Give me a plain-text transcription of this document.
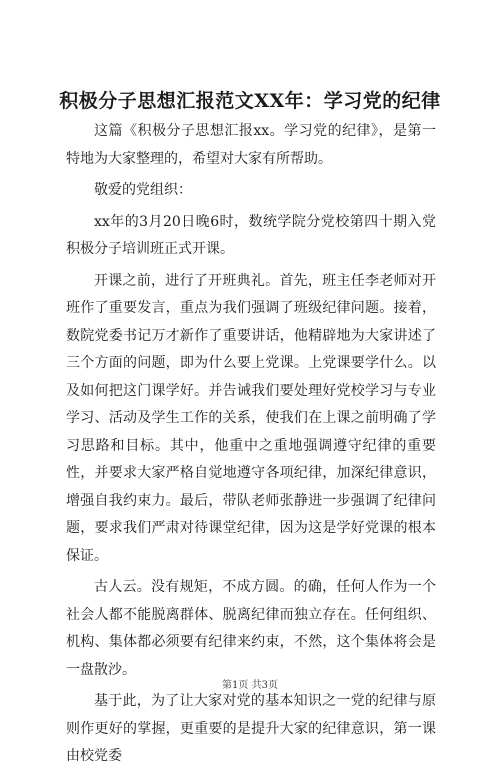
积极分子思想汇报范文XX年：学习党的纪律

这篇《积极分子思想汇报xx。学习党的纪律》，是第一特地为大家整理的，希望对大家有所帮助。

敬爱的党组织：

xx年的3月20日晚6时，数统学院分党校第四十期入党积极分子培训班正式开课。

开课之前，进行了开班典礼。首先，班主任李老师对开班作了重要发言，重点为我们强调了班级纪律问题。接着，数院党委书记万才新作了重要讲话，他精辟地为大家讲述了三个方面的问题，即为什么要上党课。上党课要学什么。以及如何把这门课学好。并告诫我们要处理好党校学习与专业学习、活动及学生工作的关系，使我们在上课之前明确了学习思路和目标。其中，他重中之重地强调遵守纪律的重要性，并要求大家严格自觉地遵守各项纪律，加深纪律意识，增强自我约束力。最后，带队老师张静进一步强调了纪律问题，要求我们严肃对待课堂纪律，因为这是学好党课的根本保证。

古人云。没有规矩，不成方圆。的确，任何人作为一个社会人都不能脱离群体、脱离纪律而独立存在。任何组织、机构、集体都必须要有纪律来约束，不然，这个集体将会是一盘散沙。

基于此，为了让大家对党的基本知识之一党的纪律与原则作更好的掌握，更重要的是提升大家的纪律意识，第一课由校党委

第1页 共3页
